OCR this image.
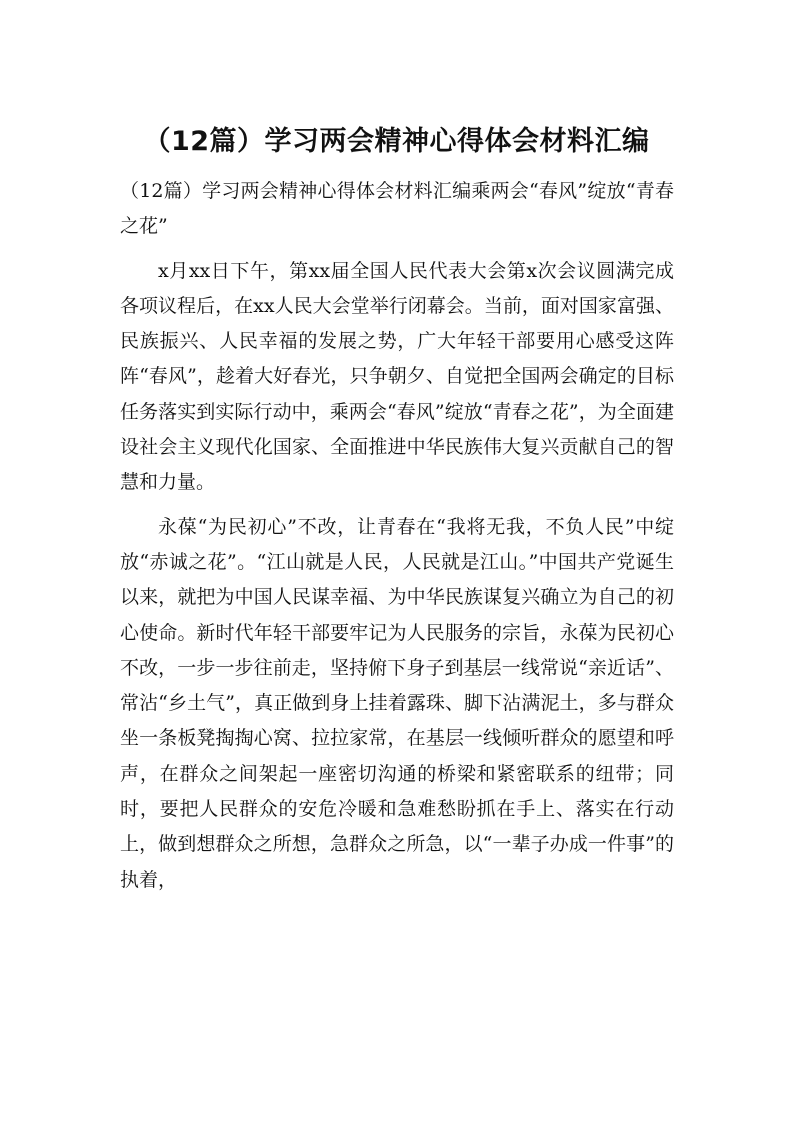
（12篇）学习两会精神心得体会材料汇编

（12篇）学习两会精神心得体会材料汇编乘两会“春风”绽放“青春之花”

x月xx日下午，第xx届全国人民代表大会第x次会议圆满完成各项议程后，在xx人民大会堂举行闭幕会。当前，面对国家富强、民族振兴、人民幸福的发展之势，广大年轻干部要用心感受这阵阵“春风”，趁着大好春光，只争朝夕、自觉把全国两会确定的目标任务落实到实际行动中，乘两会“春风”绽放“青春之花”，为全面建设社会主义现代化国家、全面推进中华民族伟大复兴贡献自己的智慧和力量。

永葆“为民初心”不改，让青春在“我将无我，不负人民”中绽放“赤诚之花”。“江山就是人民，人民就是江山。”中国共产党诞生以来，就把为中国人民谋幸福、为中华民族谋复兴确立为自己的初心使命。新时代年轻干部要牢记为人民服务的宗旨，永葆为民初心不改，一步一步往前走，坚持俯下身子到基层一线常说“亲近话”、常沾“乡土气”，真正做到身上挂着露珠、脚下沾满泥土，多与群众坐一条板凳掏掏心窝、拉拉家常，在基层一线倾听群众的愿望和呼声，在群众之间架起一座密切沟通的桥梁和紧密联系的纽带；同时，要把人民群众的安危冷暖和急难愁盼抓在手上、落实在行动上，做到想群众之所想，急群众之所急，以“一辈子办成一件事”的执着，
